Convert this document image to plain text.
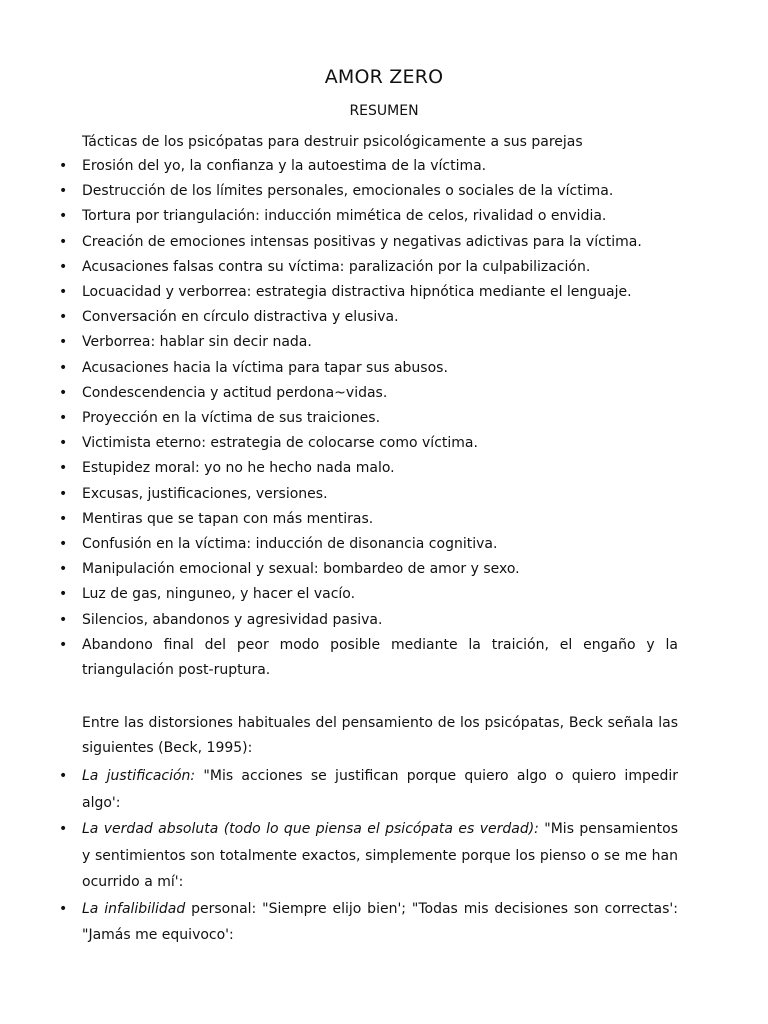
AMOR ZERO
RESUMEN
Tácticas de los psicópatas para destruir psicológicamente a sus parejas
• Erosión del yo, la confianza y la autoestima de la víctima.
• Destrucción de los límites personales, emocionales o sociales de la víctima.
• Tortura por triangulación: inducción mimética de celos, rivalidad o envidia.
• Creación de emociones intensas positivas y negativas adictivas para la víctima.
• Acusaciones falsas contra su víctima: paralización por la culpabilización.
• Locuacidad y verborrea: estrategia distractiva hipnótica mediante el lenguaje.
• Conversación en círculo distractiva y elusiva.
• Verborrea: hablar sin decir nada.
• Acusaciones hacia la víctima para tapar sus abusos.
• Condescendencia y actitud perdona~vidas.
• Proyección en la víctima de sus traiciones.
• Victimista eterno: estrategia de colocarse como víctima.
• Estupidez moral: yo no he hecho nada malo.
• Excusas, justificaciones, versiones.
• Mentiras que se tapan con más mentiras.
• Confusión en la víctima: inducción de disonancia cognitiva.
• Manipulación emocional y sexual: bombardeo de amor y sexo.
• Luz de gas, ninguneo, y hacer el vacío.
• Silencios, abandonos y agresividad pasiva.
• Abandono final del peor modo posible mediante la traición, el engaño y la triangulación post-ruptura.
Entre las distorsiones habituales del pensamiento de los psicópatas, Beck señala las siguientes (Beck, 1995):
• La justificación: "Mis acciones se justifican porque quiero algo o quiero impedir algo':
• La verdad absoluta (todo lo que piensa el psicópata es verdad): "Mis pensamientos y sentimientos son totalmente exactos, simplemente porque los pienso o se me han ocurrido a mí':
• La infalibilidad personal: "Siempre elijo bien'; "Todas mis decisiones son correctas': "Jamás me equivoco':
